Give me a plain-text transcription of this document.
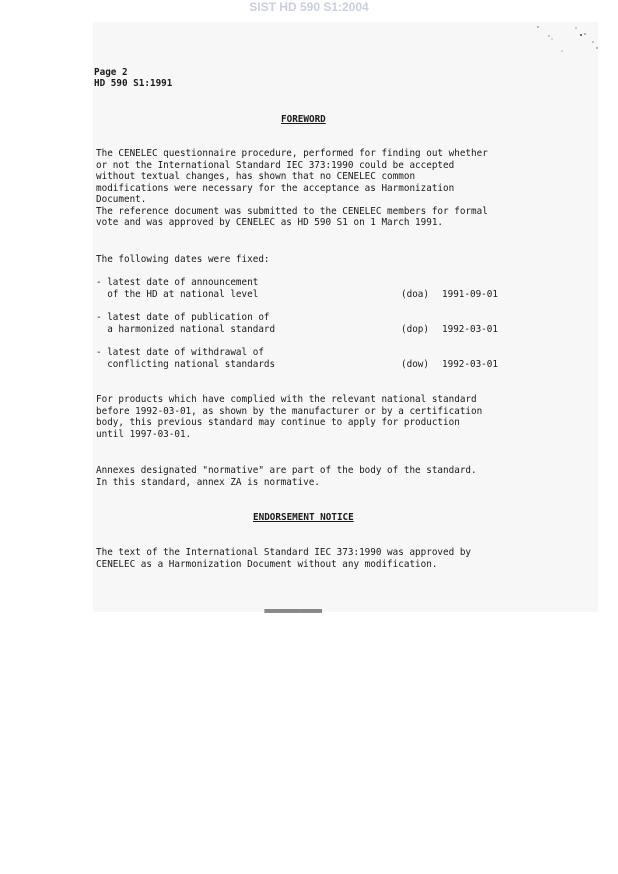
SIST HD 590 S1:2004
Page 2
HD 590 S1:1991
FOREWORD
The CENELEC questionnaire procedure, performed for finding out whether
or not the International Standard IEC 373:1990 could be accepted
without textual changes, has shown that no CENELEC common
modifications were necessary for the acceptance as Harmonization
Document.
The reference document was submitted to the CENELEC members for formal
vote and was approved by CENELEC as HD 590 S1 on 1 March 1991.
The following dates were fixed:
- latest date of announcement
of the HD at national level	(doa) 1991-09-01
- latest date of publication of
a harmonized national standard	(dop) 1992-03-01
- latest date of withdrawal of
conflicting national standards	(dow) 1992-03-01
For products which have complied with the relevant national standard
before 1992-03-01, as shown by the manufacturer or by a certification
body, this previous standard may continue to apply for production
until 1997-03-01.
Annexes designated "normative" are part of the body of the standard.
In this standard, annex ZA is normative.
ENDORSEMENT NOTICE
The text of the International Standard IEC 373:1990 was approved by
CENELEC as a Harmonization Document without any modification.
=============
